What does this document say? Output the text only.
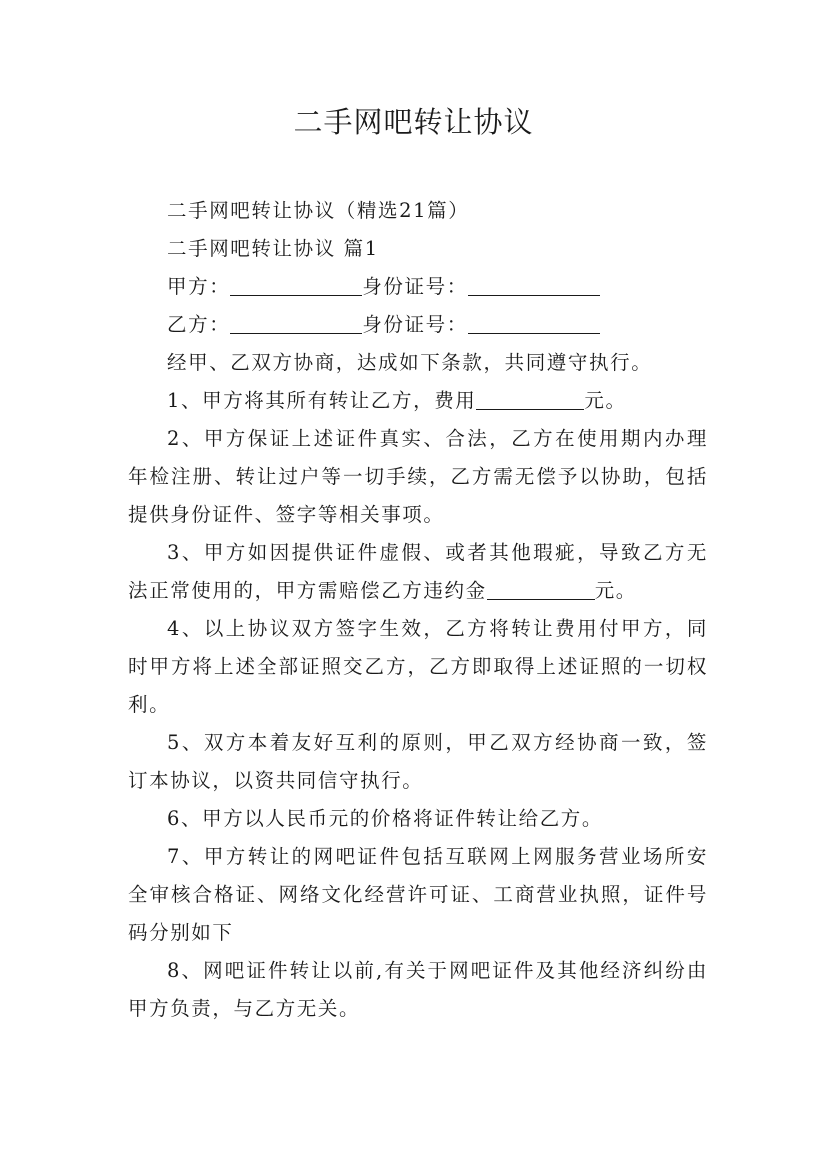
二手网吧转让协议

二手网吧转让协议（精选21篇）

二手网吧转让协议 篇1

甲方：	身份证号：

乙方：	身份证号：

经甲、乙双方协商，达成如下条款，共同遵守执行。

1、甲方将其所有转让乙方，费用	元。

2、甲方保证上述证件真实、合法，乙方在使用期内办理年检注册、转让过户等一切手续，乙方需无偿予以协助，包括提供身份证件、签字等相关事项。

3、甲方如因提供证件虚假、或者其他瑕疵，导致乙方无法正常使用的，甲方需赔偿乙方违约金	元。

4、以上协议双方签字生效，乙方将转让费用付甲方，同时甲方将上述全部证照交乙方，乙方即取得上述证照的一切权利。

5、双方本着友好互利的原则，甲乙双方经协商一致，签订本协议，以资共同信守执行。

6、甲方以人民币元的价格将证件转让给乙方。

7、甲方转让的网吧证件包括互联网上网服务营业场所安全审核合格证、网络文化经营许可证、工商营业执照，证件号码分别如下

8、网吧证件转让以前,有关于网吧证件及其他经济纠纷由甲方负责，与乙方无关。
